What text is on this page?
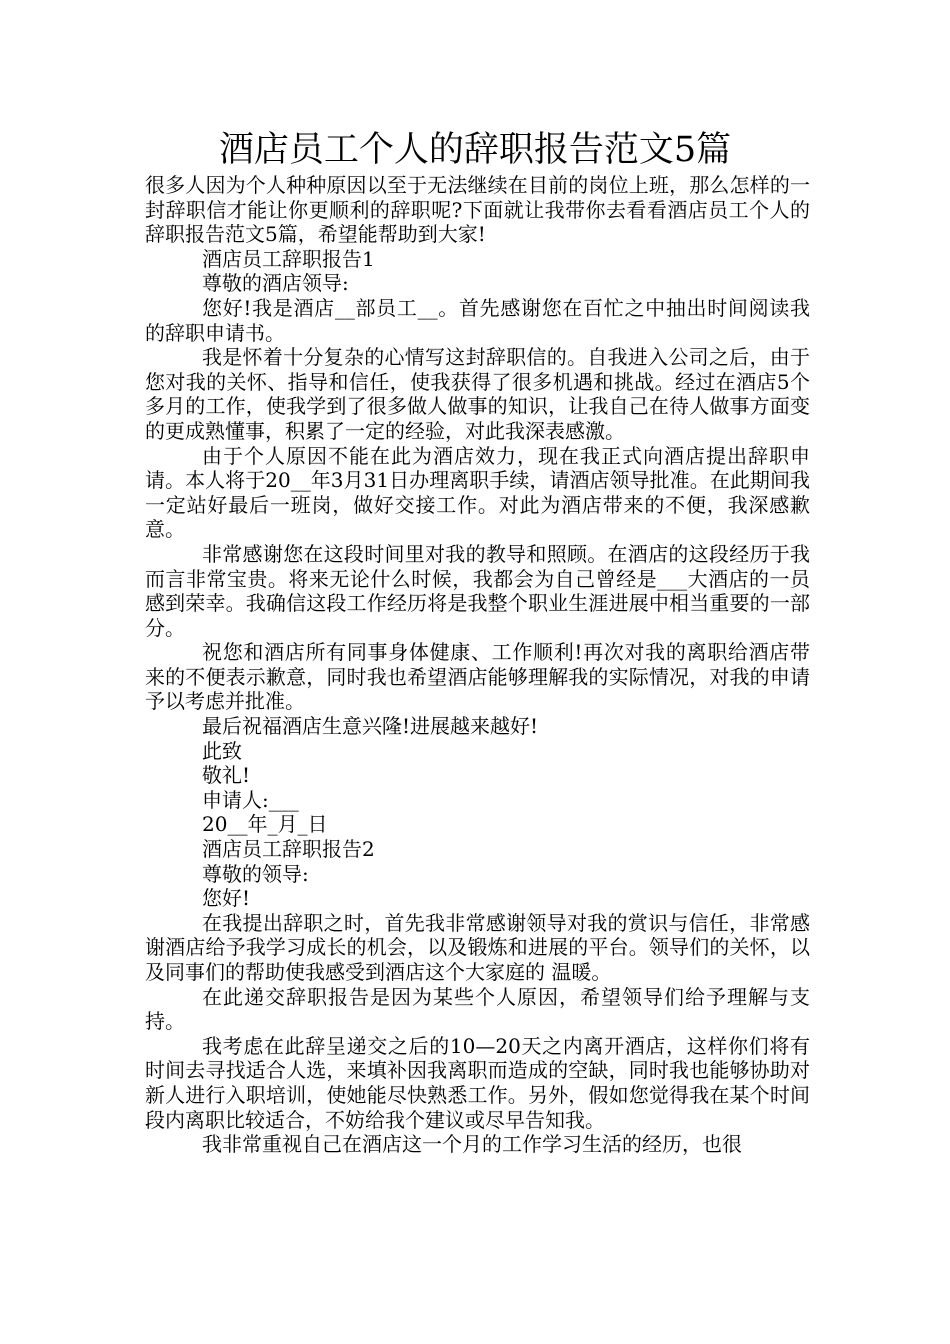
酒店员工个人的辞职报告范文5篇

很多人因为个人种种原因以至于无法继续在目前的岗位上班，那么怎样的一封辞职信才能让你更顺利的辞职呢?下面就让我带你去看看酒店员工个人的辞职报告范文5篇，希望能帮助到大家!

酒店员工辞职报告1

尊敬的酒店领导:

您好!我是酒店__部员工__。首先感谢您在百忙之中抽出时间阅读我的辞职申请书。

我是怀着十分复杂的心情写这封辞职信的。自我进入公司之后，由于您对我的关怀、指导和信任，使我获得了很多机遇和挑战。经过在酒店5个多月的工作，使我学到了很多做人做事的知识，让我自己在待人做事方面变的更成熟懂事，积累了一定的经验，对此我深表感激。

由于个人原因不能在此为酒店效力，现在我正式向酒店提出辞职申请。本人将于20__年3月31日办理离职手续，请酒店领导批准。在此期间我一定站好最后一班岗，做好交接工作。对此为酒店带来的不便，我深感歉意。

非常感谢您在这段时间里对我的教导和照顾。在酒店的这段经历于我而言非常宝贵。将来无论什么时候，我都会为自己曾经是___大酒店的一员感到荣幸。我确信这段工作经历将是我整个职业生涯进展中相当重要的一部分。

祝您和酒店所有同事身体健康、工作顺利!再次对我的离职给酒店带来的不便表示歉意，同时我也希望酒店能够理解我的实际情况，对我的申请予以考虑并批准。

最后祝福酒店生意兴隆!进展越来越好!

此致

敬礼!

申请人:___

20__年_月_日

酒店员工辞职报告2

尊敬的领导:

您好!

在我提出辞职之时，首先我非常感谢领导对我的赏识与信任，非常感谢酒店给予我学习成长的机会，以及锻炼和进展的平台。领导们的关怀，以及同事们的帮助使我感受到酒店这个大家庭的 温暖。

在此递交辞职报告是因为某些个人原因，希望领导们给予理解与支持。

我考虑在此辞呈递交之后的10—20天之内离开酒店，这样你们将有时间去寻找适合人选，来填补因我离职而造成的空缺，同时我也能够协助对新人进行入职培训，使她能尽快熟悉工作。另外，假如您觉得我在某个时间段内离职比较适合，不妨给我个建议或尽早告知我。

我非常重视自己在酒店这一个月的工作学习生活的经历，也很
